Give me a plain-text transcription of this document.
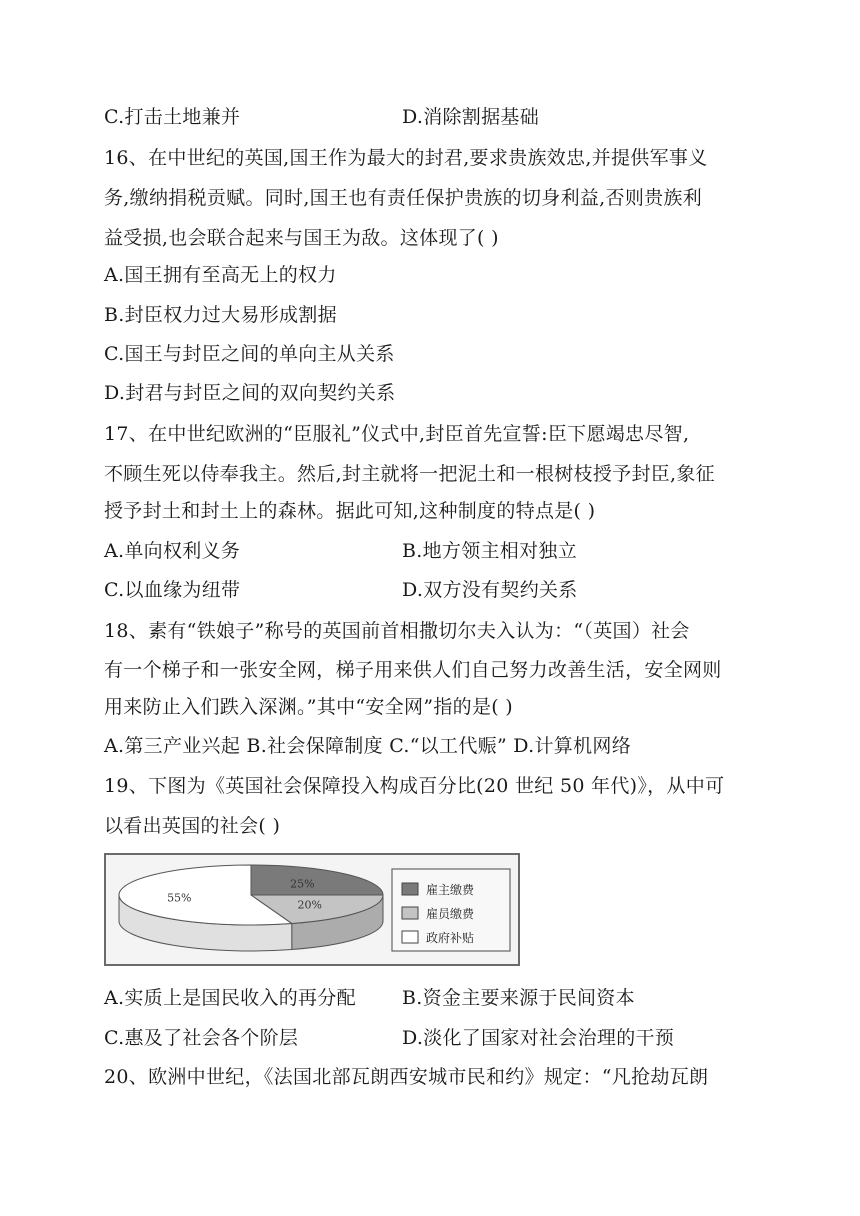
C.打击土地兼并	D.消除割据基础
16、在中世纪的英国,国王作为最大的封君,要求贵族效忠,并提供军事义
务,缴纳捐税贡赋。同时,国王也有责任保护贵族的切身利益,否则贵族利
益受损,也会联合起来与国王为敌。这体现了( )
A.国王拥有至高无上的权力
B.封臣权力过大易形成割据
C.国王与封臣之间的单向主从关系
D.封君与封臣之间的双向契约关系
17、在中世纪欧洲的“臣服礼”仪式中,封臣首先宣誓:臣下愿竭忠尽智,
不顾生死以侍奉我主。然后,封主就将一把泥土和一根树枝授予封臣,象征
授予封土和封土上的森林。据此可知,这种制度的特点是( )
A.单向权利义务	B.地方领主相对独立
C.以血缘为纽带	D.双方没有契约关系
18、素有“铁娘子”称号的英国前首相撒切尔夫入认为：“（英国）社会
有一个梯子和一张安全网，梯子用来供人们自己努力改善生活，安全网则
用来防止入们跌入深渊。”其中“安全网”指的是( )
A.第三产业兴起 B.社会保障制度 C.“以工代赈” D.计算机网络
19、下图为《英国社会保障投入构成百分比(20 世纪 50 年代)》，从中可
以看出英国的社会( )
25%
20%
55%
雇主缴费
雇员缴费
政府补贴
A.实质上是国民收入的再分配 B.资金主要来源于民间资本
C.惠及了社会各个阶层	D.淡化了国家对社会治理的干预
20、欧洲中世纪，《法国北部瓦朗西安城市民和约》规定：“凡抢劫瓦朗
